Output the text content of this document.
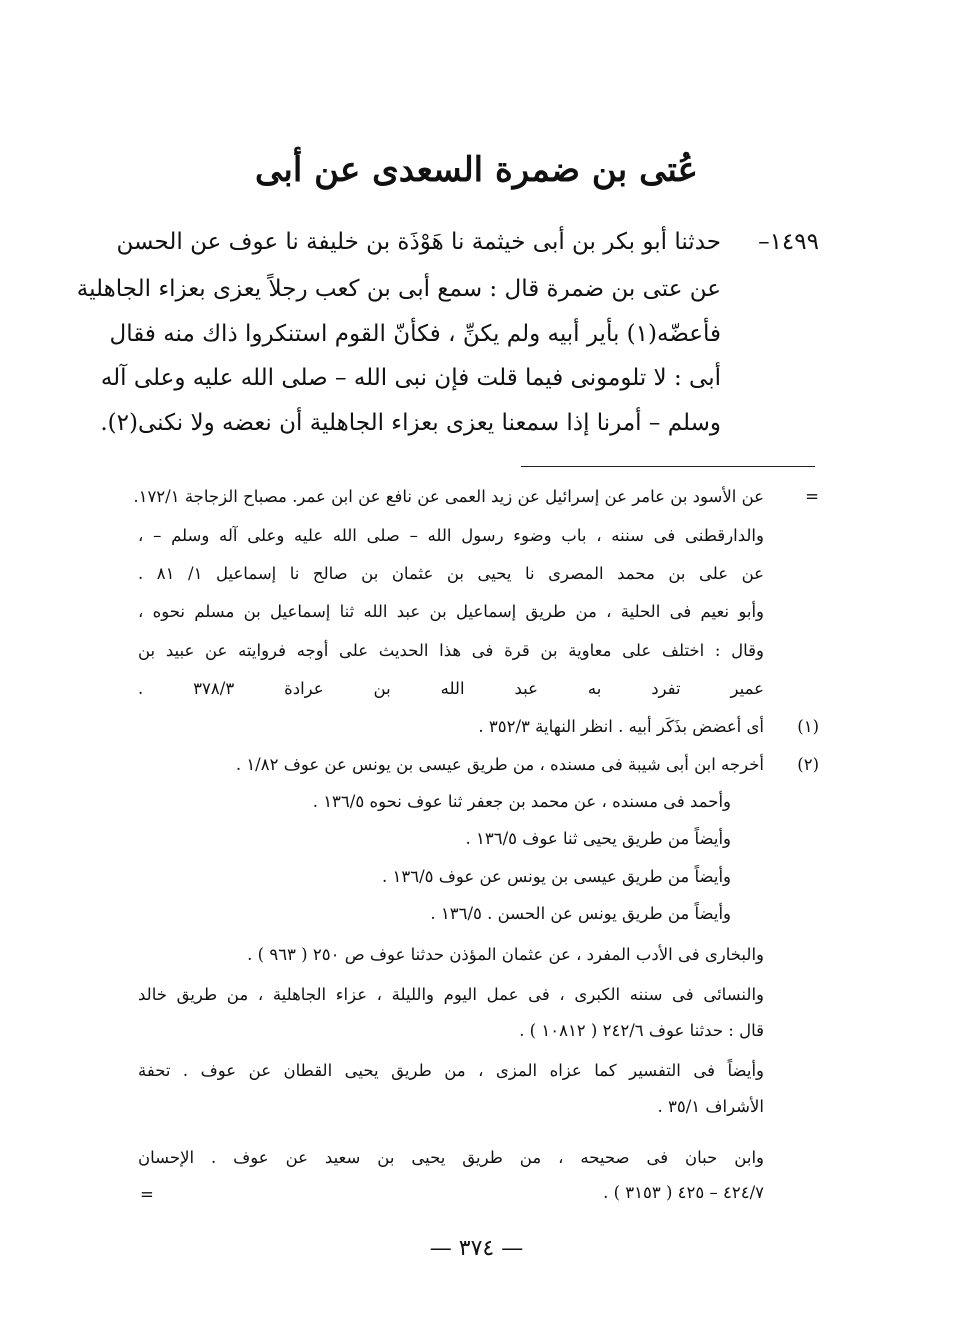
عُتى بن ضمرة السعدى عن أبى
١٤٩٩–
حدثنا أبو بكر بن أبى خيثمة نا هَوْذَة بن خليفة نا عوف عن الحسن
عن عتى بن ضمرة قال : سمع أبى بن كعب رجلاً يعزى بعزاء الجاهلية
فأعضّه(١) بأير أبيه ولم يكنِّ ، فكأنّ القوم استنكروا ذاك منه فقال
أبى : لا تلومونى فيما قلت فإن نبى الله – صلى الله عليه وعلى آله
وسلم – أمرنا إذا سمعنا يعزى بعزاء الجاهلية أن نعضه ولا نكنى(٢).
=
عن الأسود بن عامر عن إسرائيل عن زيد العمى عن نافع عن ابن عمر. مصباح الزجاجة ١٧٢/١.
والدارقطنى فى سننه ، باب وضوء رسول الله – صلى الله عليه وعلى آله وسلم – ،
عن على بن محمد المصرى نا يحيى بن عثمان بن صالح نا إسماعيل ١/ ٨١ .
وأبو نعيم فى الحلية ، من طريق إسماعيل بن عبد الله ثنا إسماعيل بن مسلم نحوه ،
وقال : اختلف على معاوية بن قرة فى هذا الحديث على أوجه فروايته عن عبيد بن
عمير تفرد به عبد الله بن عرادة ٣٧٨/٣ .
(١)
أى أعضض بذَكَر أبيه . انظر النهاية ٣٥٢/٣ .
(٢)
أخرجه ابن أبى شيبة فى مسنده ، من طريق عيسى بن يونس عن عوف ١/٨٢ .
وأحمد فى مسنده ، عن محمد بن جعفر ثنا عوف نحوه ١٣٦/٥ .
وأيضاً من طريق يحيى ثنا عوف ١٣٦/٥ .
وأيضاً من طريق عيسى بن يونس عن عوف ١٣٦/٥ .
وأيضاً من طريق يونس عن الحسن . ١٣٦/٥ .
والبخارى فى الأدب المفرد ، عن عثمان المؤذن حدثنا عوف ص ٢٥٠ ( ٩٦٣ ) .
والنسائى فى سننه الكبرى ، فى عمل اليوم والليلة ، عزاء الجاهلية ، من طريق خالد
قال : حدثنا عوف ٢٤٢/٦ ( ١٠٨١٢ ) .
وأيضاً فى التفسير كما عزاه المزى ، من طريق يحيى القطان عن عوف . تحفة
الأشراف ٣٥/١ .
وابن حبان فى صحيحه ، من طريق يحيى بن سعيد عن عوف . الإحسان
٤٢٤/٧ – ٤٢٥ ( ٣١٥٣ ) .
=
— ٣٧٤ —
